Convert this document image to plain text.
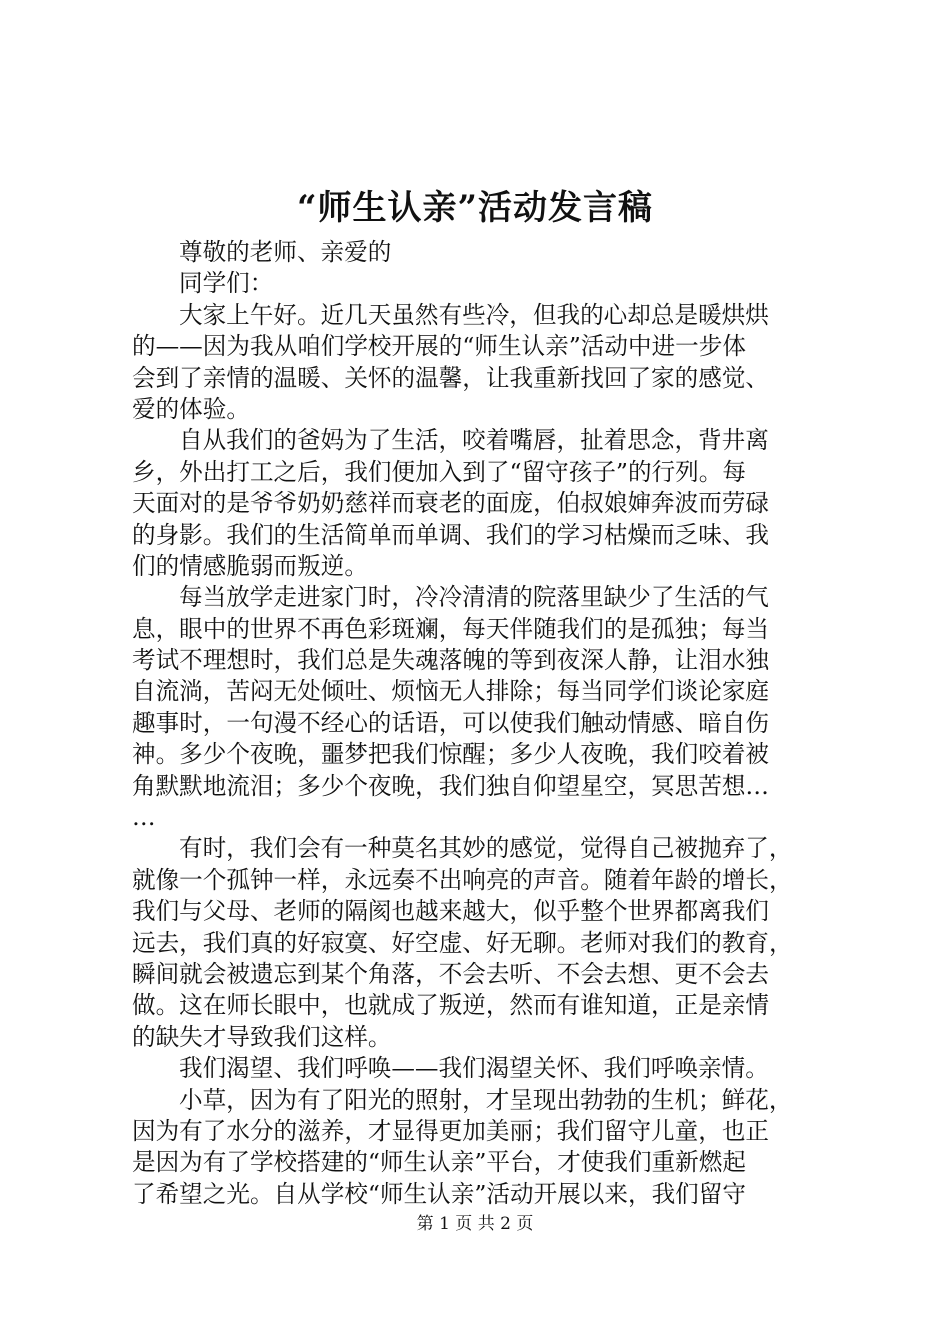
“师生认亲”活动发言稿
尊敬的老师、亲爱的
同学们：
大家上午好。近几天虽然有些冷，但我的心却总是暖烘烘
的——因为我从咱们学校开展的“师生认亲”活动中进一步体
会到了亲情的温暖、关怀的温馨，让我重新找回了家的感觉、
爱的体验。
自从我们的爸妈为了生活，咬着嘴唇，扯着思念，背井离
乡，外出打工之后，我们便加入到了“留守孩子”的行列。每
天面对的是爷爷奶奶慈祥而衰老的面庞，伯叔娘婶奔波而劳碌
的身影。我们的生活简单而单调、我们的学习枯燥而乏味、我
们的情感脆弱而叛逆。
每当放学走进家门时，冷冷清清的院落里缺少了生活的气
息，眼中的世界不再色彩斑斓，每天伴随我们的是孤独；每当
考试不理想时，我们总是失魂落魄的等到夜深人静，让泪水独
自流淌，苦闷无处倾吐、烦恼无人排除；每当同学们谈论家庭
趣事时，一句漫不经心的话语，可以使我们触动情感、暗自伤
神。多少个夜晚，噩梦把我们惊醒；多少人夜晚，我们咬着被
角默默地流泪；多少个夜晚，我们独自仰望星空，冥思苦想…
…
有时，我们会有一种莫名其妙的感觉，觉得自己被抛弃了，
就像一个孤钟一样，永远奏不出响亮的声音。随着年龄的增长，
我们与父母、老师的隔阂也越来越大，似乎整个世界都离我们
远去，我们真的好寂寞、好空虚、好无聊。老师对我们的教育，
瞬间就会被遗忘到某个角落，不会去听、不会去想、更不会去
做。这在师长眼中，也就成了叛逆，然而有谁知道，正是亲情
的缺失才导致我们这样。
我们渴望、我们呼唤——我们渴望关怀、我们呼唤亲情。
小草，因为有了阳光的照射，才呈现出勃勃的生机；鲜花，
因为有了水分的滋养，才显得更加美丽；我们留守儿童，也正
是因为有了学校搭建的“师生认亲”平台，才使我们重新燃起
了希望之光。自从学校“师生认亲”活动开展以来，我们留守
第 1 页 共 2 页
